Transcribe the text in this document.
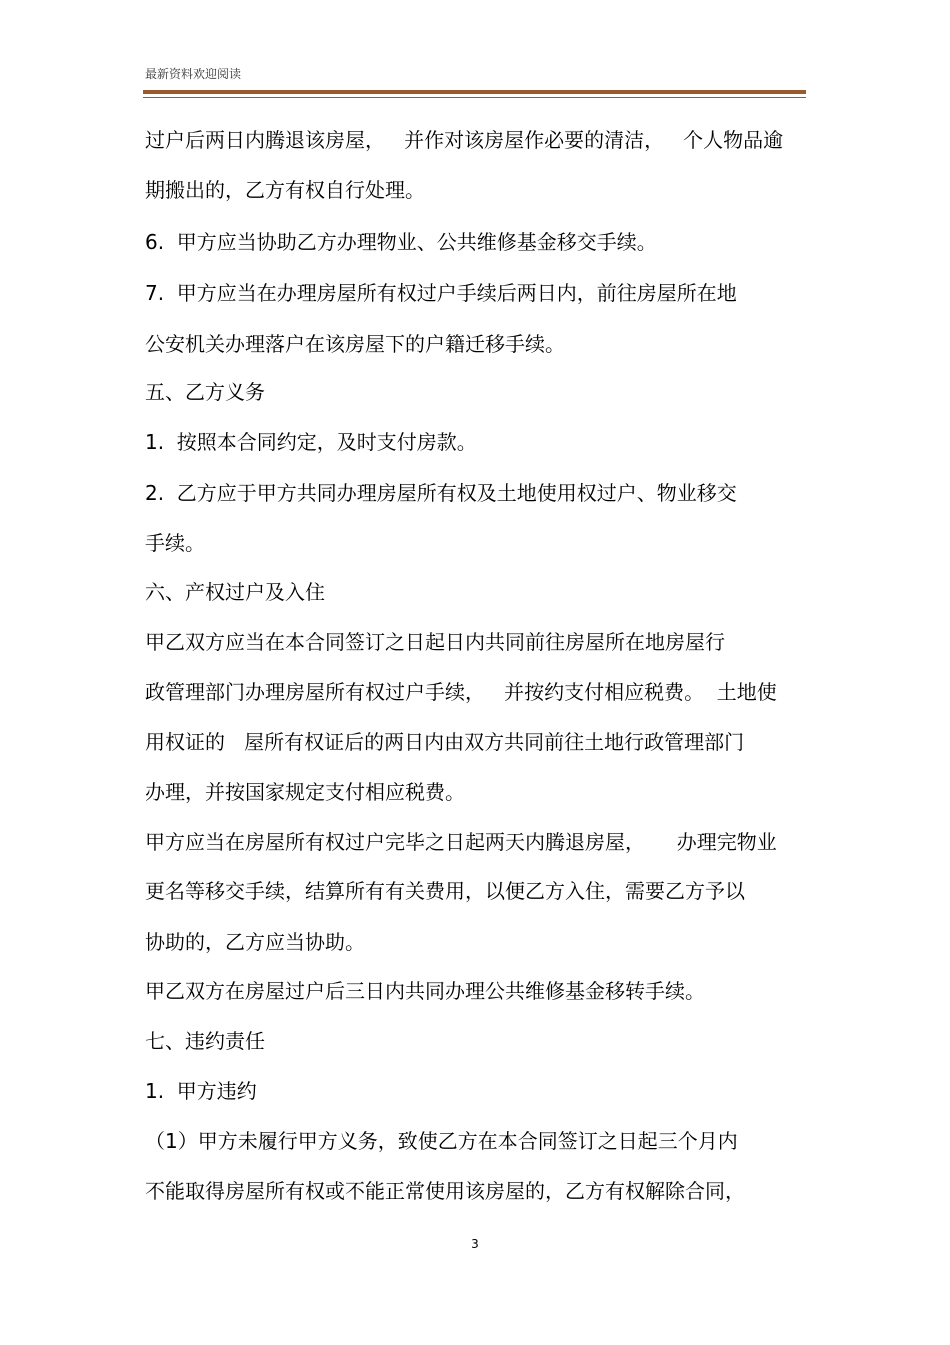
最新资料欢迎阅读
过户后两日内腾退该房屋，   并作对该房屋作必要的清洁，   个人物品逾
期搬出的，乙方有权自行处理。
6.  甲方应当协助乙方办理物业、公共维修基金移交手续。
7.  甲方应当在办理房屋所有权过户手续后两日内，前往房屋所在地
公安机关办理落户在该房屋下的户籍迁移手续。
五、乙方义务
1.  按照本合同约定，及时支付房款。
2.  乙方应于甲方共同办理房屋所有权及土地使用权过户、物业移交
手续。
六、产权过户及入住
甲乙双方应当在本合同签订之日起日内共同前往房屋所在地房屋行
政管理部门办理房屋所有权过户手续，   并按约支付相应税费。  土地使
用权证的   屋所有权证后的两日内由双方共同前往土地行政管理部门
办理，并按国家规定支付相应税费。
甲方应当在房屋所有权过户完毕之日起两天内腾退房屋，     办理完物业
更名等移交手续，结算所有有关费用，以便乙方入住，需要乙方予以
协助的，乙方应当协助。
甲乙双方在房屋过户后三日内共同办理公共维修基金移转手续。
七、违约责任
1.  甲方违约
（1）甲方未履行甲方义务，致使乙方在本合同签订之日起三个月内
不能取得房屋所有权或不能正常使用该房屋的，乙方有权解除合同，
3
